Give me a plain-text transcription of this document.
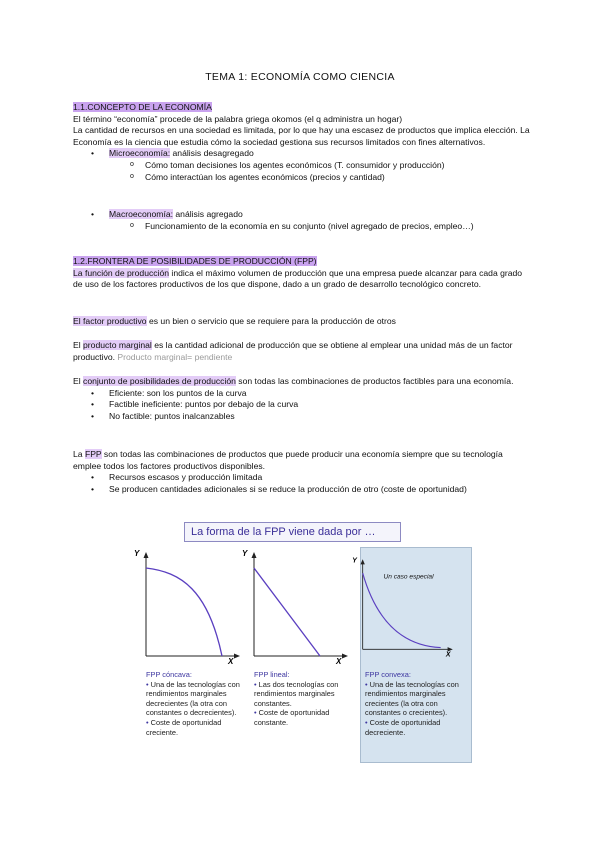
TEMA 1: ECONOMÍA COMO CIENCIA

1.1.CONCEPTO DE LA ECONOMÍA

El término “economía” procede de la palabra griega okomos (el q administra un hogar)

La cantidad de recursos en una sociedad es limitada, por lo que hay una escasez de productos que implica elección. La Economía es la ciencia que estudia cómo la sociedad gestiona sus recursos limitados con fines alternativos.

• Microeconomía: análisis desagregado
o Cómo toman decisiones los agentes económicos (T. consumidor y producción)
o Cómo interactúan los agentes económicos (precios y cantidad)
• Macroeconomía: análisis agregado
o Funcionamiento de la economía en su conjunto (nivel agregado de precios, empleo…)

1.2.FRONTERA DE POSIBILIDADES DE PRODUCCIÓN (FPP)

La función de producción indica el máximo volumen de producción que una empresa puede alcanzar para cada grado de uso de los factores productivos de los que dispone, dado a un grado de desarrollo tecnológico concreto.

El factor productivo es un bien o servicio que se requiere para la producción de otros

El producto marginal es la cantidad adicional de producción que se obtiene al emplear una unidad más de un factor productivo. Producto marginal= pendiente

El conjunto de posibilidades de producción son todas las combinaciones de productos factibles para una economía.

• Eficiente: son los puntos de la curva
• Factible ineficiente: puntos por debajo de la curva
• No factible: puntos inalcanzables

La FPP son todas las combinaciones de productos que puede producir una economía siempre que su tecnología emplee todos los factores productivos disponibles.

• Recursos escasos y producción limitada
• Se producen cantidades adicionales si se reduce la producción de otro (coste de oportunidad)
La forma de la FPP viene dada por …
Y
X
Y
X
Y
X
Un caso especial
FPP cóncava:
• Una de las tecnologías con rendimientos marginales decrecientes (la otra con constantes o decrecientes).
• Coste de oportunidad creciente.
FPP lineal:
• Las dos tecnologías con rendimientos marginales constantes.
• Coste de oportunidad constante.
FPP convexa:
• Una de las tecnologías con rendimientos marginales crecientes (la otra con constantes o crecientes).
• Coste de oportunidad decreciente.
